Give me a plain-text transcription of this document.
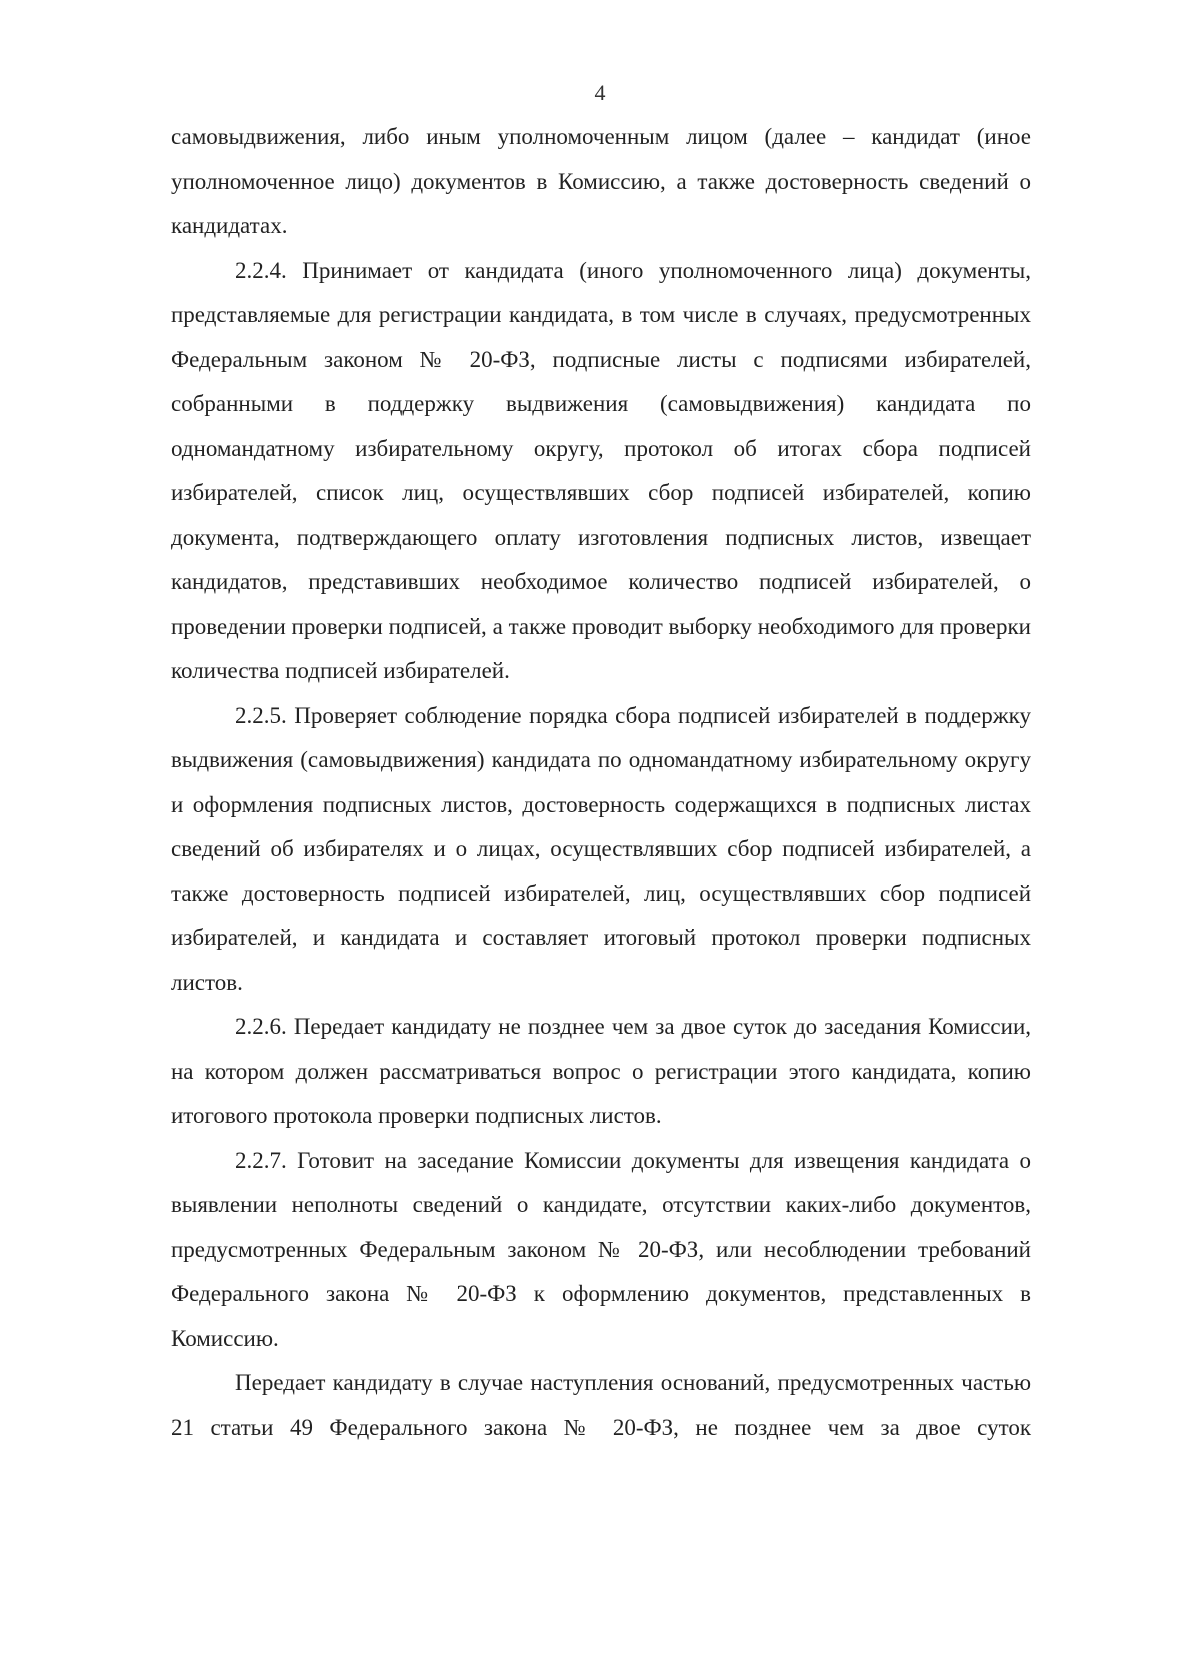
4

самовыдвижения, либо иным уполномоченным лицом (далее – кандидат (иное уполномоченное лицо) документов в Комиссию, а также достоверность сведений о кандидатах.

2.2.4. Принимает от кандидата (иного уполномоченного лица) документы, представляемые для регистрации кандидата, в том числе в случаях, предусмотренных Федеральным законом № 20-ФЗ, подписные листы с подписями избирателей, собранными в поддержку выдвижения (самовыдвижения) кандидата по одномандатному избирательному округу, протокол об итогах сбора подписей избирателей, список лиц, осуществлявших сбор подписей избирателей, копию документа, подтверждающего оплату изготовления подписных листов, извещает кандидатов, представивших необходимое количество подписей избирателей, о проведении проверки подписей, а также проводит выборку необходимого для проверки количества подписей избирателей.

2.2.5. Проверяет соблюдение порядка сбора подписей избирателей в поддержку выдвижения (самовыдвижения) кандидата по одномандатному избирательному округу и оформления подписных листов, достоверность содержащихся в подписных листах сведений об избирателях и о лицах, осуществлявших сбор подписей избирателей, а также достоверность подписей избирателей, лиц, осуществлявших сбор подписей избирателей, и кандидата и составляет итоговый протокол проверки подписных листов.

2.2.6. Передает кандидату не позднее чем за двое суток до заседания Комиссии, на котором должен рассматриваться вопрос о регистрации этого кандидата, копию итогового протокола проверки подписных листов.

2.2.7. Готовит на заседание Комиссии документы для извещения кандидата о выявлении неполноты сведений о кандидате, отсутствии каких-либо документов, предусмотренных Федеральным законом № 20-ФЗ, или несоблюдении требований Федерального закона № 20-ФЗ к оформлению документов, представленных в Комиссию.

Передает кандидату в случае наступления оснований, предусмотренных частью 21 статьи 49 Федерального закона № 20-ФЗ, не позднее чем за двое суток
